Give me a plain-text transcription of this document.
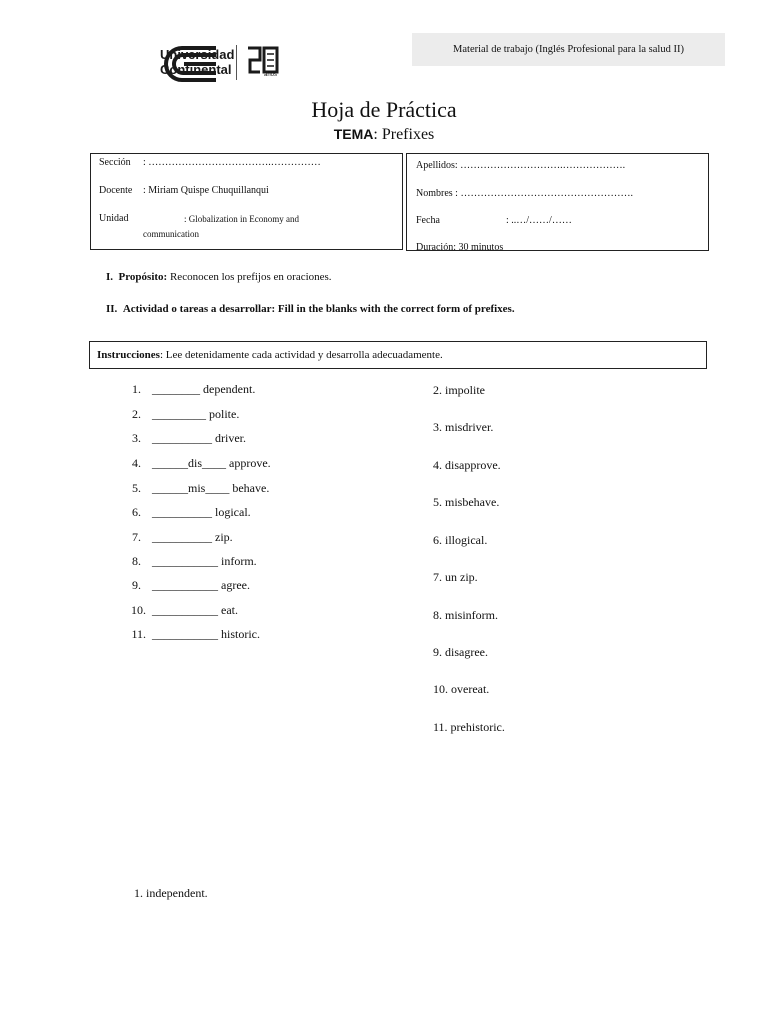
Universidad
Continental	años
Material de trabajo (Inglés Profesional para la salud II)
Hoja de Práctica
TEMA: Prefixes
Sección : ……………………………….……………
Docente : Miriam Quispe Chuquillanqui
Unidad	: Globalization in Economy and
communication
Apellidos: ………………………….……………….
Nombres : …………………………………………….
Fecha	: ..…/……/……
Duración: 30 minutos
I. Propósito: Reconocen los prefijos en oraciones.
II. Actividad o tareas a desarrollar: Fill in the blanks with the correct form of prefixes.
Instrucciones : Lee detenidamente cada actividad y desarrolla adecuadamente.
1. ________ dependent.
2. _________ polite.
3. __________ driver.
4. ______dis____ approve.
5. ______mis____ behave.
6. __________ logical.
7. __________ zip.
8. ___________ inform.
9. ___________ agree.
10. ___________ eat.
11. ___________ historic.
2. impolite
3. misdriver.
4. disapprove.
5. misbehave.
6. illogical.
7. un zip.
8. misinform.
9. disagree.
10. overeat.
11. prehistoric.
1. independent.
